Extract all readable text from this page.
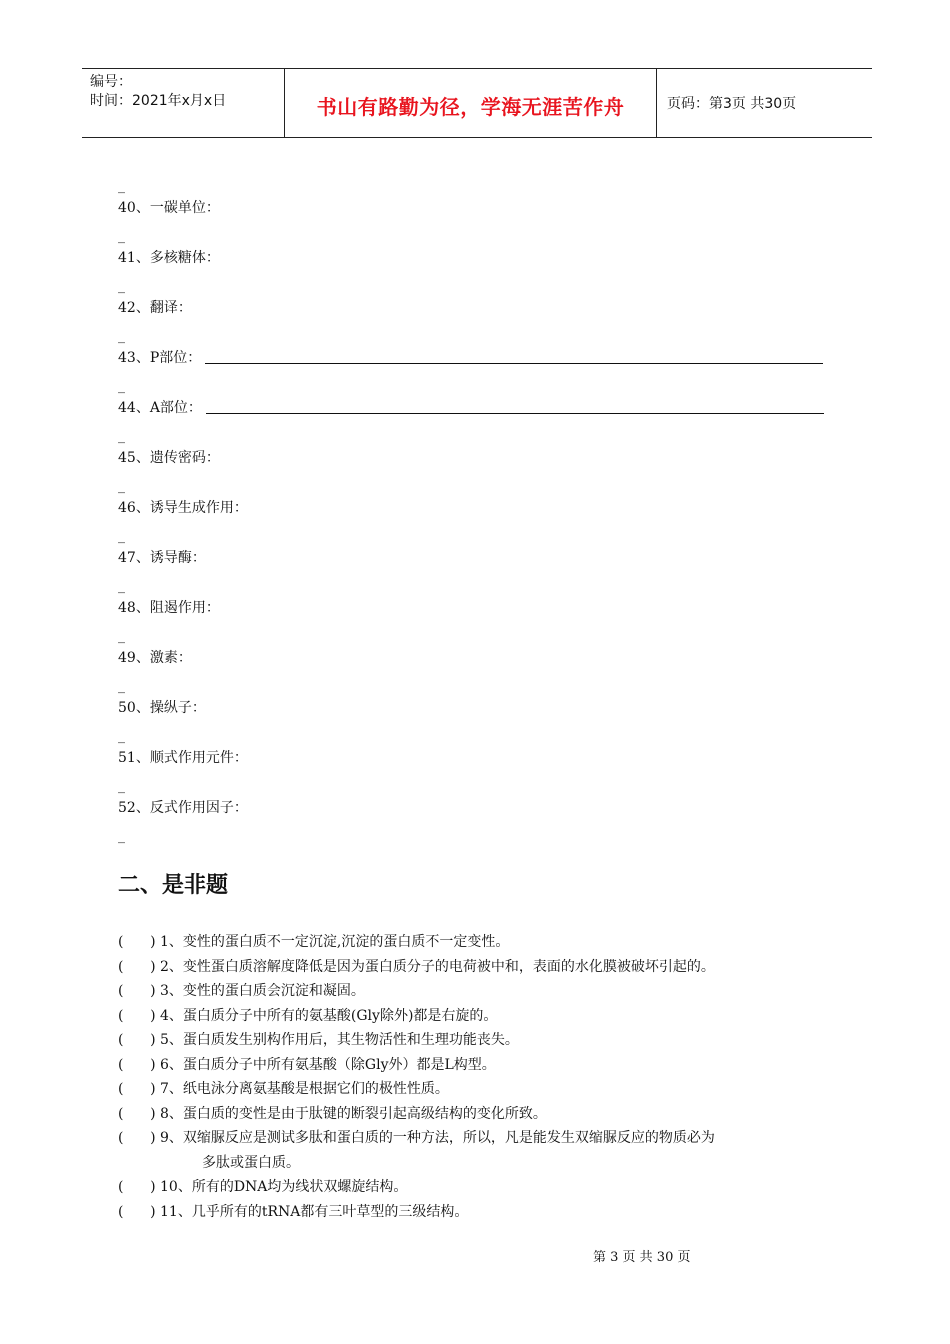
编号：
时间：2021年x月x日	书山有路勤为径，学海无涯苦作舟	页码：第3页 共30页
_
40、一碳单位：
_
41、多核糖体：
_
42、翻译：
_
43、P部位：
_
44、A部位：
_
45、遗传密码：
_
46、诱导生成作用：
_
47、诱导酶：
_
48、阻遏作用：
_
49、激素：
_
50、操纵子：
_
51、顺式作用元件：
_
52、反式作用因子：
_
二、是非题
(      ) 1、变性的蛋白质不一定沉淀,沉淀的蛋白质不一定变性。
(      ) 2、变性蛋白质溶解度降低是因为蛋白质分子的电荷被中和，表面的水化膜被破坏引起的。
(      ) 3、变性的蛋白质会沉淀和凝固。
(      ) 4、蛋白质分子中所有的氨基酸(Gly除外)都是右旋的。
(      ) 5、蛋白质发生别构作用后，其生物活性和生理功能丧失。
(      ) 6、蛋白质分子中所有氨基酸（除Gly外）都是L构型。
(      ) 7、纸电泳分离氨基酸是根据它们的极性性质。
(      ) 8、蛋白质的变性是由于肽键的断裂引起高级结构的变化所致。
(      ) 9、双缩脲反应是测试多肽和蛋白质的一种方法，所以，凡是能发生双缩脲反应的物质必为
多肽或蛋白质。
(      ) 10、所有的DNA均为线状双螺旋结构。
(      ) 11、几乎所有的tRNA都有三叶草型的三级结构。
第 3 页 共 30 页
